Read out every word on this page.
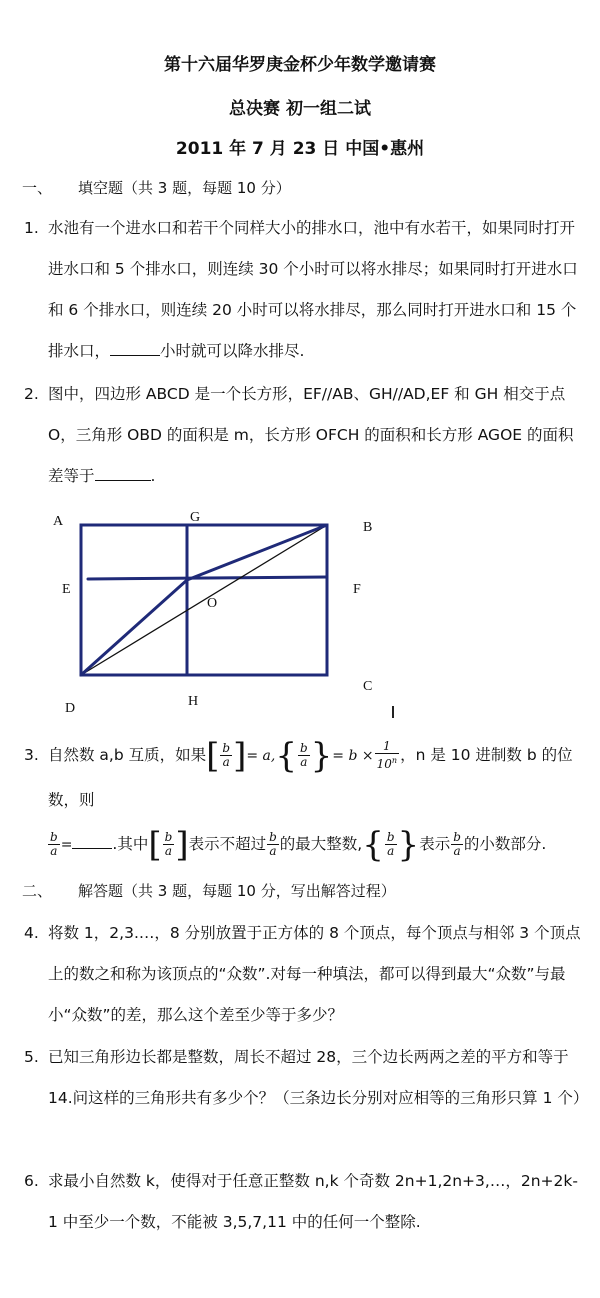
第十六届华罗庚金杯少年数学邀请赛
总决赛 初一组二试
2011 年 7 月 23 日 中国•惠州
一、 填空题（共 3 题，每题 10 分）
1. 水池有一个进水口和若干个同样大小的排水口，池中有水若干，如果同时打开进水口和 5 个排水口，则连续 30 个小时可以将水排尽；如果同时打开进水口和 6 个排水口，则连续 20 小时可以将水排尽，那么同时打开进水口和 15 个排水口，	小时就可以降水排尽.
2. 图中，四边形 ABCD 是一个长方形，EF//AB、GH//AD,EF 和 GH 相交于点 O，三角形 OBD 的面积是 m，长方形 OFCH 的面积和长方形 AGOE 的面积差等于	.
A	G
B
E
O
F
C
D	H
3. 自然数 a,b 互质，如果[ $\frac{b}{a}$ ]= $a,\{ \frac{b}{a}$ }= $b \times \frac{1}{10^n}$ ，n 是 10 进制数 b 的位数，则

$\frac{b}{a}$ =	.其中[ $\frac{b}{a}$ ]表示不超过 $\frac{b}{a}$ 的最大整数,{ $\frac{b}{a}$ }表示 $\frac{b}{a}$ 的小数部分.
二、 解答题（共 3 题，每题 10 分，写出解答过程）
4. 将数 1，2,3.…，8 分别放置于正方体的 8 个顶点，每个顶点与相邻 3 个顶点上的数之和称为该顶点的“众数”.对每一种填法，都可以得到最大“众数”与最小“众数”的差，那么这个差至少等于多少？
5. 已知三角形边长都是整数，周长不超过 28，三个边长两两之差的平方和等于 14.问这样的三角形共有多少个？（三条边长分别对应相等的三角形只算 1 个）
6. 求最小自然数 k，使得对于任意正整数 n,k 个奇数 2n+1,2n+3,…，2n+2k-1 中至少一个数，不能被 3,5,7,11 中的任何一个整除.
